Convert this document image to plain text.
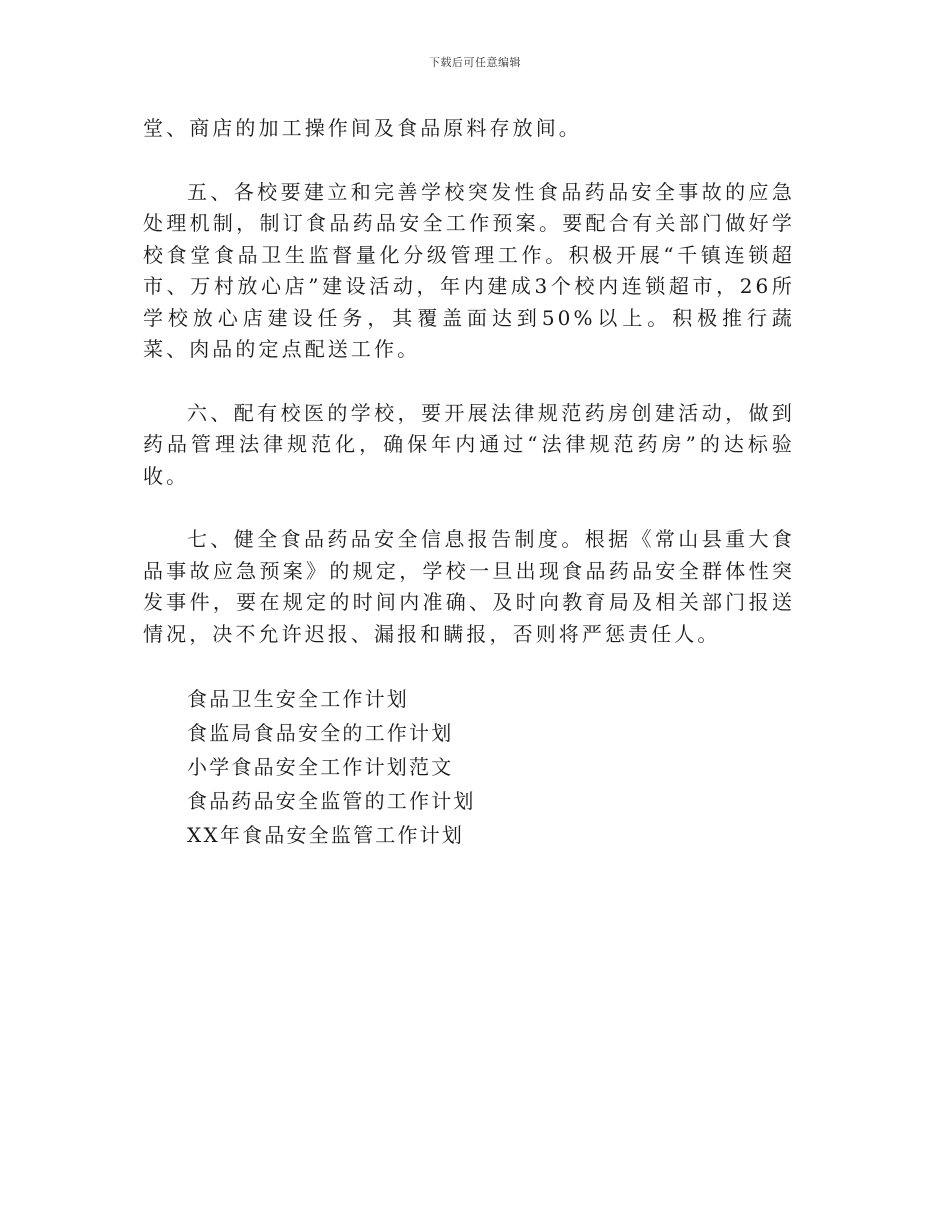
下载后可任意编辑

堂、商店的加工操作间及食品原料存放间。

五、各校要建立和完善学校突发性食品药品安全事故的应急处理机制，制订食品药品安全工作预案。要配合有关部门做好学校食堂食品卫生监督量化分级管理工作。积极开展“千镇连锁超市、万村放心店”建设活动，年内建成3个校内连锁超市，26所学校放心店建设任务，其覆盖面达到50%以上。积极推行蔬菜、肉品的定点配送工作。

六、配有校医的学校，要开展法律规范药房创建活动，做到药品管理法律规范化，确保年内通过“法律规范药房”的达标验收。

七、健全食品药品安全信息报告制度。根据《常山县重大食品事故应急预案》的规定，学校一旦出现食品药品安全群体性突发事件，要在规定的时间内准确、及时向教育局及相关部门报送情况，决不允许迟报、漏报和瞒报，否则将严惩责任人。

食品卫生安全工作计划
食监局食品安全的工作计划
小学食品安全工作计划范文
食品药品安全监管的工作计划
XX年食品安全监管工作计划
